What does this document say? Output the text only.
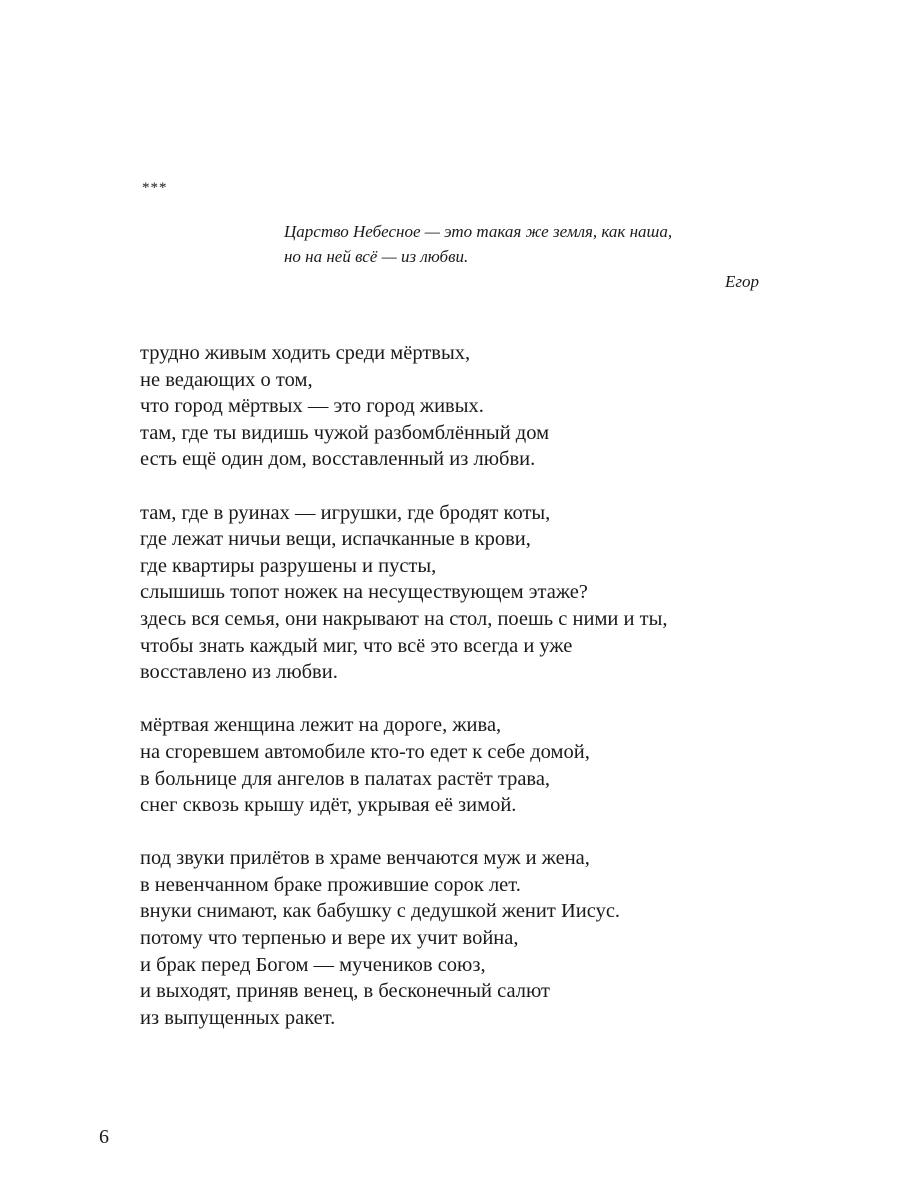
***
Царство Небесное — это такая же земля, как наша,
но на ней всё — из любви.
Егор
трудно живым ходить среди мёртвых,
не ведающих о том,
что город мёртвых — это город живых.
там, где ты видишь чужой разбомблённый дом
есть ещё один дом, восставленный из любви.
там, где в руинах — игрушки, где бродят коты,
где лежат ничьи вещи, испачканные в крови,
где квартиры разрушены и пусты,
слышишь топот ножек на несуществующем этаже?
здесь вся семья, они накрывают на стол, поешь с ними и ты,
чтобы знать каждый миг, что всё это всегда и уже
восставлено из любви.
мёртвая женщина лежит на дороге, жива,
на сгоревшем автомобиле кто-то едет к себе домой,
в больнице для ангелов в палатах растёт трава,
снег сквозь крышу идёт, укрывая её зимой.
под звуки прилётов в храме венчаются муж и жена,
в невенчанном браке прожившие сорок лет.
внуки снимают, как бабушку с дедушкой женит Иисус.
потому что терпенью и вере их учит война,
и брак перед Богом — мучеников союз,
и выходят, приняв венец, в бесконечный салют
из выпущенных ракет.
6
